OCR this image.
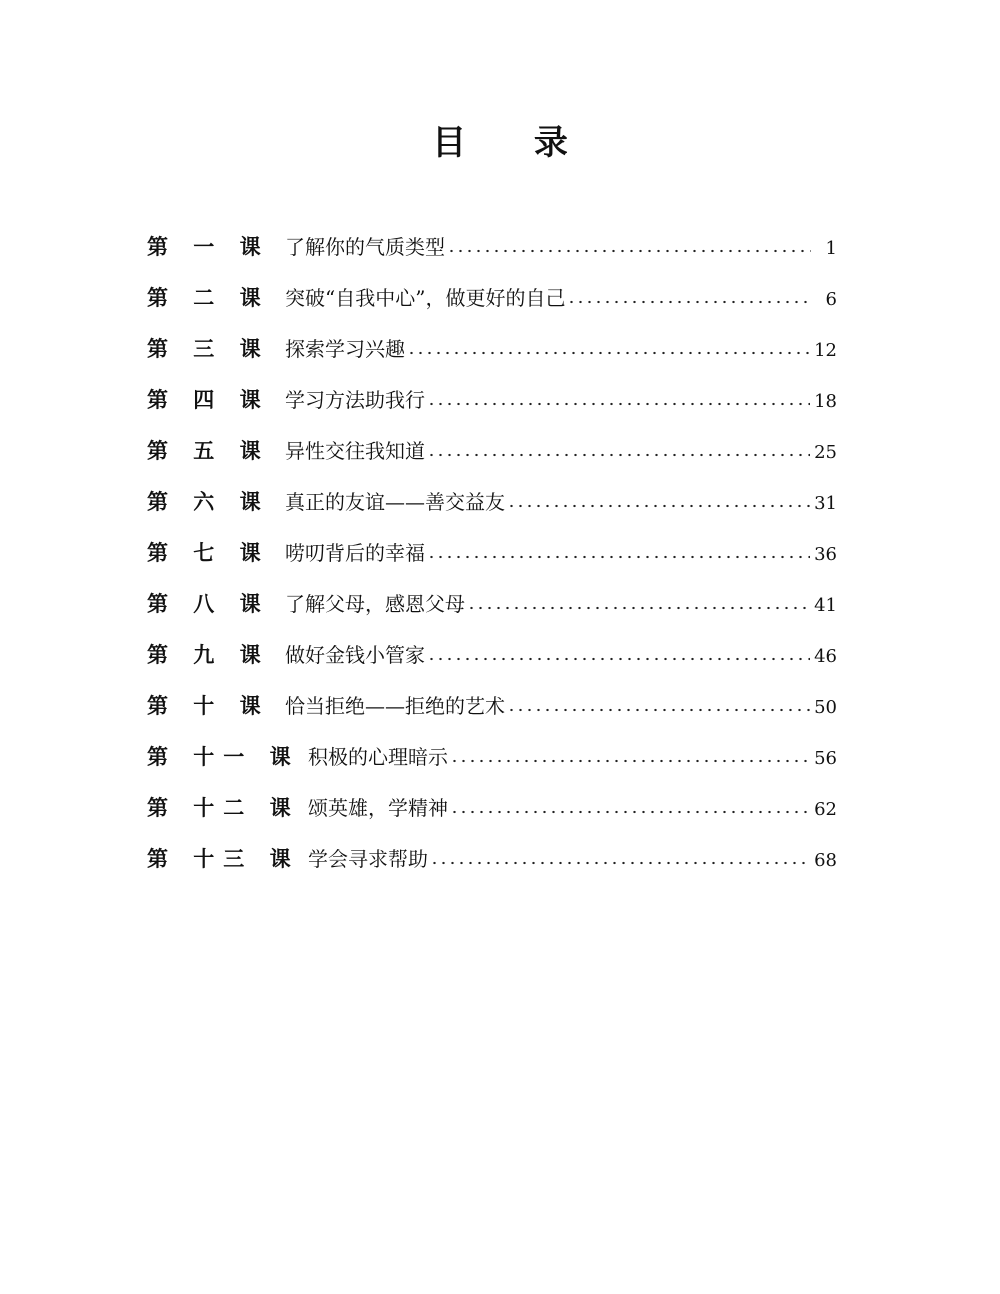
目 录
第 一 课 了解你的气质类型	1
第 二 课 突破“自我中心”，做更好的自己	6
第 三 课 探索学习兴趣	12
第 四 课 学习方法助我行	18
第 五 课 异性交往我知道	25
第 六 课 真正的友谊——善交益友	31
第 七 课 唠叨背后的幸福	36
第 八 课 了解父母，感恩父母	41
第 九 课 做好金钱小管家	46
第 十 课 恰当拒绝——拒绝的艺术	50
第 十一 课 积极的心理暗示	56
第 十二 课 颂英雄，学精神	62
第 十三 课 学会寻求帮助	68
